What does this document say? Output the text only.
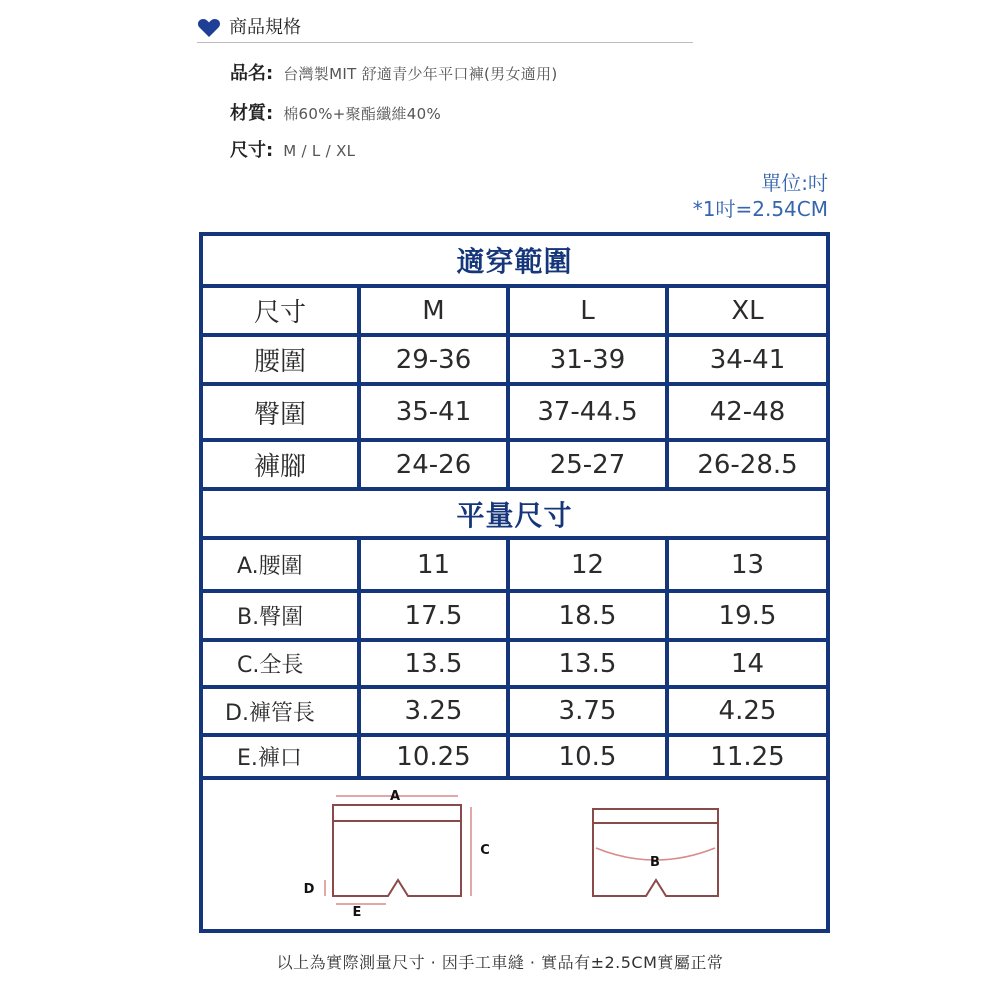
商品規格
品名: 台灣製MIT 舒適青少年平口褲(男女適用)
材質: 棉60%+聚酯纖維40%
尺寸: M / L / XL
單位:吋
*1吋=2.54CM
適穿範圍
尺寸	M	L	XL
腰圍	29-36	31-39	34-41
臀圍	35-41	37-44.5	42-48
褲腳	24-26	25-27	26-28.5
平量尺寸
A.腰圍	11	12	13
B.臀圍	17.5	18.5	19.5
C.全長	13.5	13.5	14
D.褲管長	3.25	3.75	4.25
E.褲口	10.25	10.5	11.25
A
C
D
E
B
以上為實際測量尺寸 · 因手工車縫 · 實品有±2.5CM實屬正常
